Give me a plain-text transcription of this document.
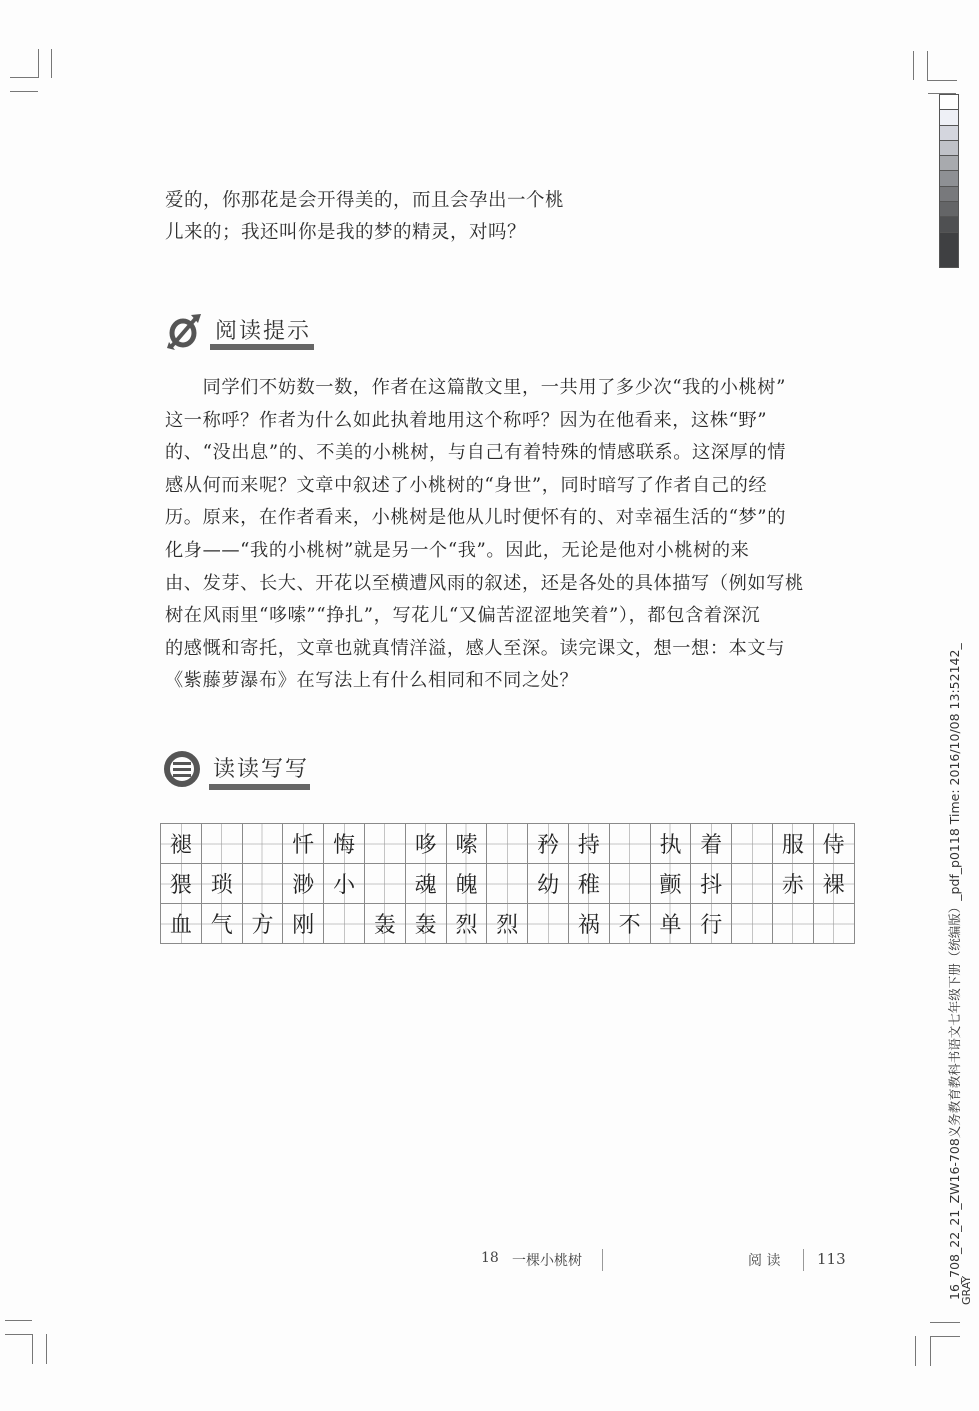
爱的，你那花是会开得美的，而且会孕出一个桃
儿来的；我还叫你是我的梦的精灵，对吗？
阅读提示
　　同学们不妨数一数，作者在这篇散文里，一共用了多少次“我的小桃树”
这一称呼？作者为什么如此执着地用这个称呼？因为在他看来，这株“野”
的、“没出息”的、不美的小桃树，与自己有着特殊的情感联系。这深厚的情
感从何而来呢？文章中叙述了小桃树的“身世”，同时暗写了作者自己的经
历。原来，在作者看来，小桃树是他从儿时便怀有的、对幸福生活的“梦”的
化身——“我的小桃树”就是另一个“我”。因此，无论是他对小桃树的来
由、发芽、长大、开花以至横遭风雨的叙述，还是各处的具体描写（例如写桃
树在风雨里“哆嗦”“挣扎”，写花儿“又偏苦涩涩地笑着”），都包含着深沉
的感慨和寄托，文章也就真情洋溢，感人至深。读完课文，想一想：本文与
《紫藤萝瀑布》在写法上有什么相同和不同之处？
读读写写
褪			忏	悔		哆	嗦		矜	持		执	着		服	侍
猥	琐		渺	小		魂	魄		幼	稚		颤	抖		赤	裸
血	气	方	刚		轰	轰	烈	烈		祸	不	单	行			
18 一棵小桃树	阅 读 113	16_708_22_21_ZW16-708义务教育教科书语文七年级下册（统编版）_pdf_p0118 Time: 2016/10/08 13:52142_
GRAY
